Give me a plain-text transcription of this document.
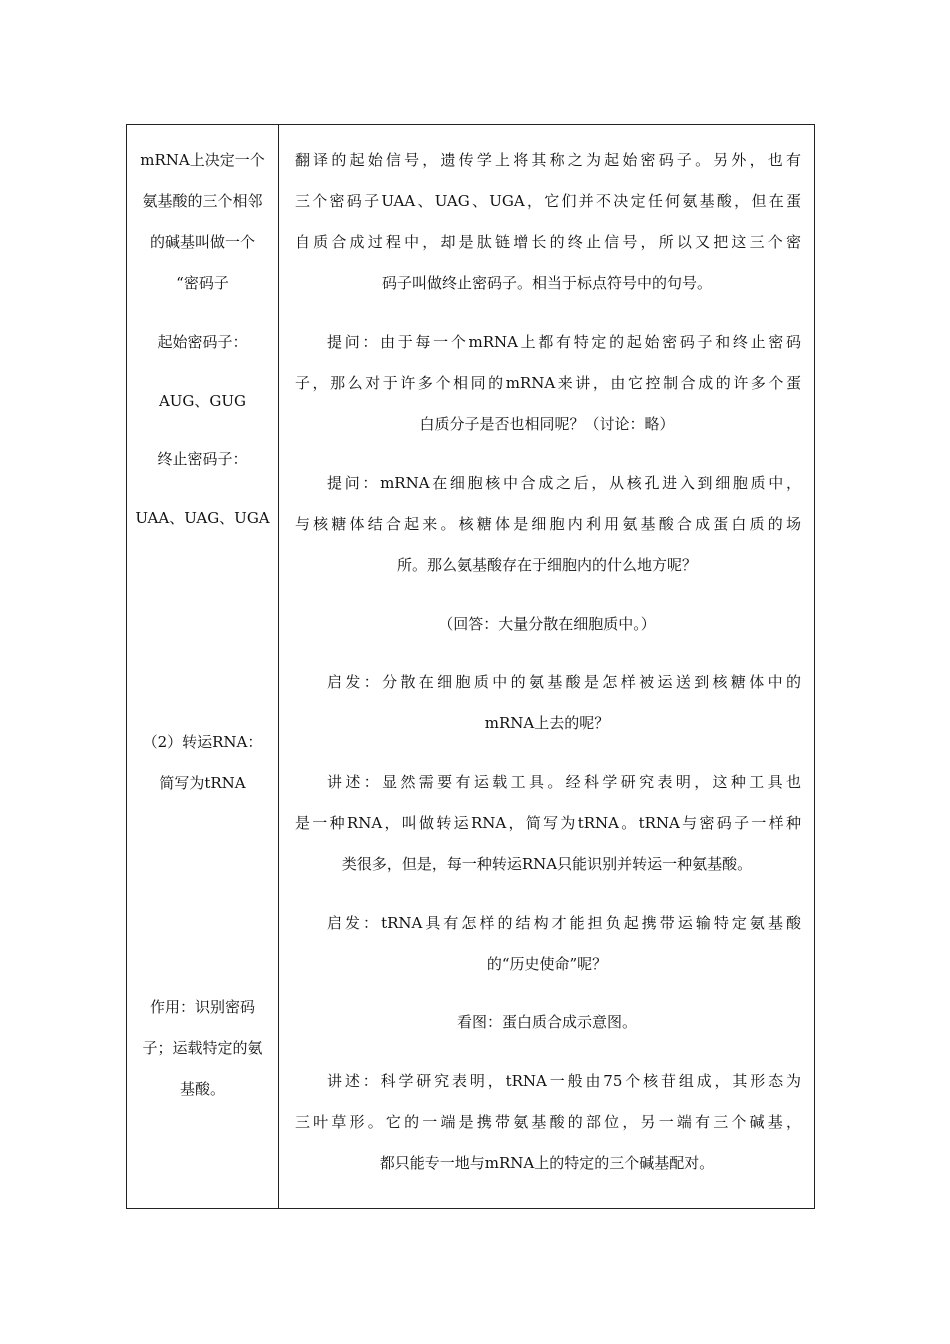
mRNA上决定一个
氨基酸的三个相邻
的碱基叫做一个
“密码子
起始密码子：
AUG、GUG
终止密码子：
UAA、UAG、UGA
（2）转运RNA：
简写为tRNA
作用：识别密码
子；运载特定的氨
基酸。
翻译的起始信号，遗传学上将其称之为起始密码子。另外，也有
三个密码子UAA、UAG、UGA，它们并不决定任何氨基酸，但在蛋
自质合成过程中，却是肽链增长的终止信号，所以又把这三个密
码子叫做终止密码子。相当于标点符号中的句号。
提问：由于每一个mRNA上都有特定的起始密码子和终止密码
子，那么对于许多个相同的mRNA来讲，由它控制合成的许多个蛋
白质分子是否也相同呢？（讨论：略）
提问：mRNA在细胞核中合成之后，从核孔进入到细胞质中，
与核糖体结合起来。核糖体是细胞内利用氨基酸合成蛋白质的场
所。那么氨基酸存在于细胞内的什么地方呢？
（回答：大量分散在细胞质中。）
启发：分散在细胞质中的氨基酸是怎样被运送到核糖体中的
mRNA上去的呢？
讲述：显然需要有运载工具。经科学研究表明，这种工具也
是一种RNA，叫做转运RNA，简写为tRNA。tRNA与密码子一样种
类很多，但是，每一种转运RNA只能识别并转运一种氨基酸。
启发：tRNA具有怎样的结构才能担负起携带运输特定氨基酸
的“历史使命”呢？
看图：蛋白质合成示意图。
讲述：科学研究表明，tRNA一般由75个核苷组成，其形态为
三叶草形。它的一端是携带氨基酸的部位，另一端有三个碱基，
都只能专一地与mRNA上的特定的三个碱基配对。
